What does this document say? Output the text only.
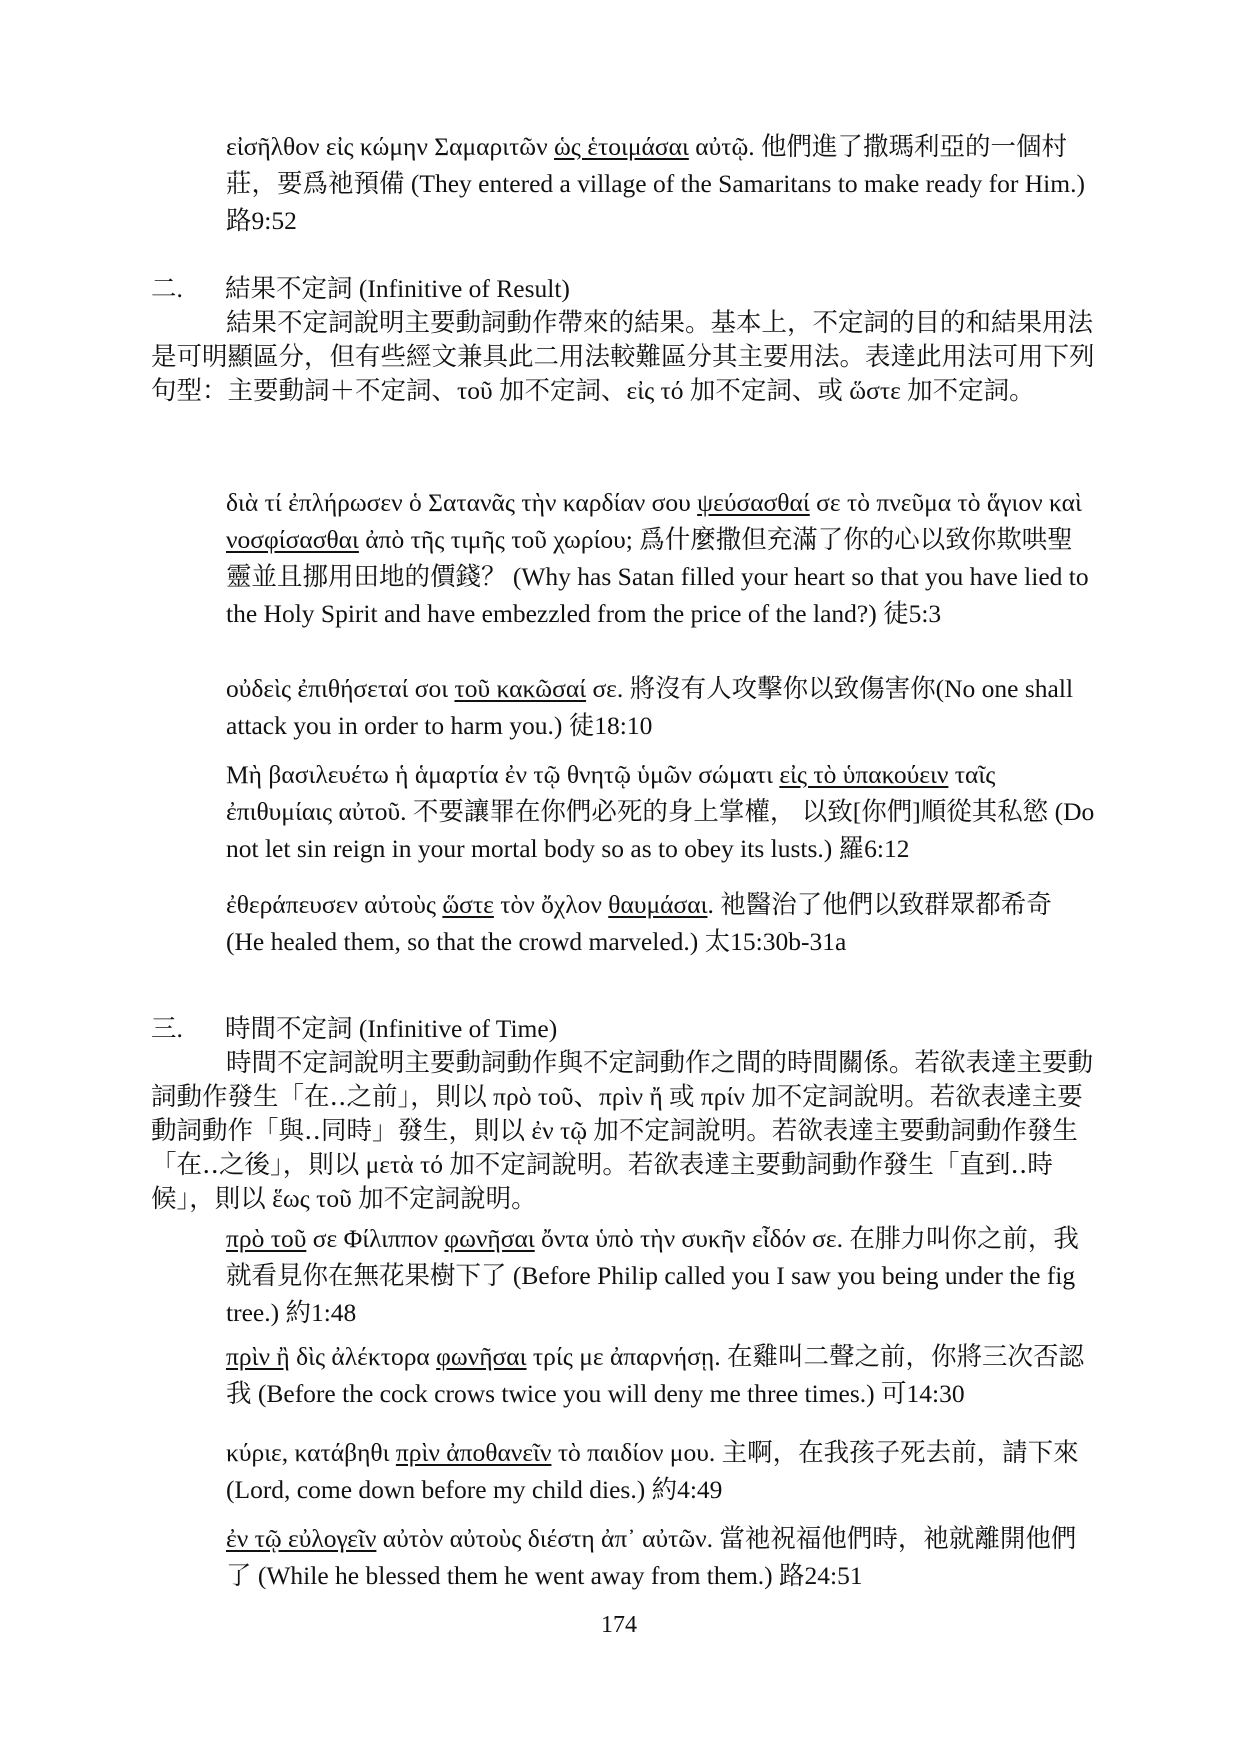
εἰσῆλθον εἰς κώμην Σαμαριτῶν ὡς ἑτοιμάσαι αὐτῷ. 他們進了撒瑪利亞的一個村莊，要爲祂預備 (They entered a village of the Samaritans to make ready for Him.) 路9:52
二. 結果不定詞 (Infinitive of Result)
結果不定詞說明主要動詞動作帶來的結果。基本上，不定詞的目的和結果用法是可明顯區分，但有些經文兼具此二用法較難區分其主要用法。表達此用法可用下列句型：主要動詞＋不定詞、τοῦ 加不定詞、εἰς τό 加不定詞、或 ὥστε 加不定詞。
διὰ τί ἐπλήρωσεν ὁ Σατανᾶς τὴν καρδίαν σου ψεύσασθαί σε τὸ πνεῦμα τὸ ἅγιον καὶ νοσφίσασθαι ἀπὸ τῆς τιμῆς τοῦ χωρίου; 爲什麼撒但充滿了你的心以致你欺哄聖靈並且挪用田地的價錢？ (Why has Satan filled your heart so that you have lied to the Holy Spirit and have embezzled from the price of the land?) 徒5:3
οὐδεὶς ἐπιθήσεταί σοι τοῦ κακῶσαί σε. 將沒有人攻擊你以致傷害你(No one shall attack you in order to harm you.) 徒18:10
Μὴ βασιλευέτω ἡ ἁμαρτία ἐν τῷ θνητῷ ὑμῶν σώματι εἰς τὸ ὑπακούειν ταῖς ἐπιθυμίαις αὐτοῦ. 不要讓罪在你們必死的身上掌權， 以致[你們]順從其私慾 (Do not let sin reign in your mortal body so as to obey its lusts.) 羅6:12
ἐθεράπευσεν αὐτοὺς ὥστε τὸν ὄχλον θαυμάσαι. 祂醫治了他們以致群眾都希奇 (He healed them, so that the crowd marveled.) 太15:30b-31a
三. 時間不定詞 (Infinitive of Time)
時間不定詞說明主要動詞動作與不定詞動作之間的時間關係。若欲表達主要動詞動作發生「在‥之前」，則以 πρὸ τοῦ、πρὶν ἤ 或 πρίν 加不定詞說明。若欲表達主要動詞動作「與‥同時」發生，則以 ἐν τῷ 加不定詞說明。若欲表達主要動詞動作發生「在‥之後」，則以 μετὰ τό 加不定詞說明。若欲表達主要動詞動作發生「直到‥時候」，則以 ἕως τοῦ 加不定詞說明。
πρὸ τοῦ σε Φίλιππον φωνῆσαι ὄντα ὑπὸ τὴν συκῆν εἶδόν σε. 在腓力叫你之前，我就看見你在無花果樹下了 (Before Philip called you I saw you being under the fig tree.) 約1:48
πρὶν ἢ δὶς ἀλέκτορα φωνῆσαι τρίς με ἀπαρνήσῃ. 在雞叫二聲之前，你將三次否認我 (Before the cock crows twice you will deny me three times.) 可14:30
κύριε, κατάβηθι πρὶν ἀποθανεῖν τὸ παιδίον μου. 主啊，在我孩子死去前，請下來 (Lord, come down before my child dies.) 約4:49
ἐν τῷ εὐλογεῖν αὐτὸν αὐτοὺς διέστη ἀπ᾽ αὐτῶν. 當祂祝福他們時，祂就離開他們了 (While he blessed them he went away from them.) 路24:51
174
